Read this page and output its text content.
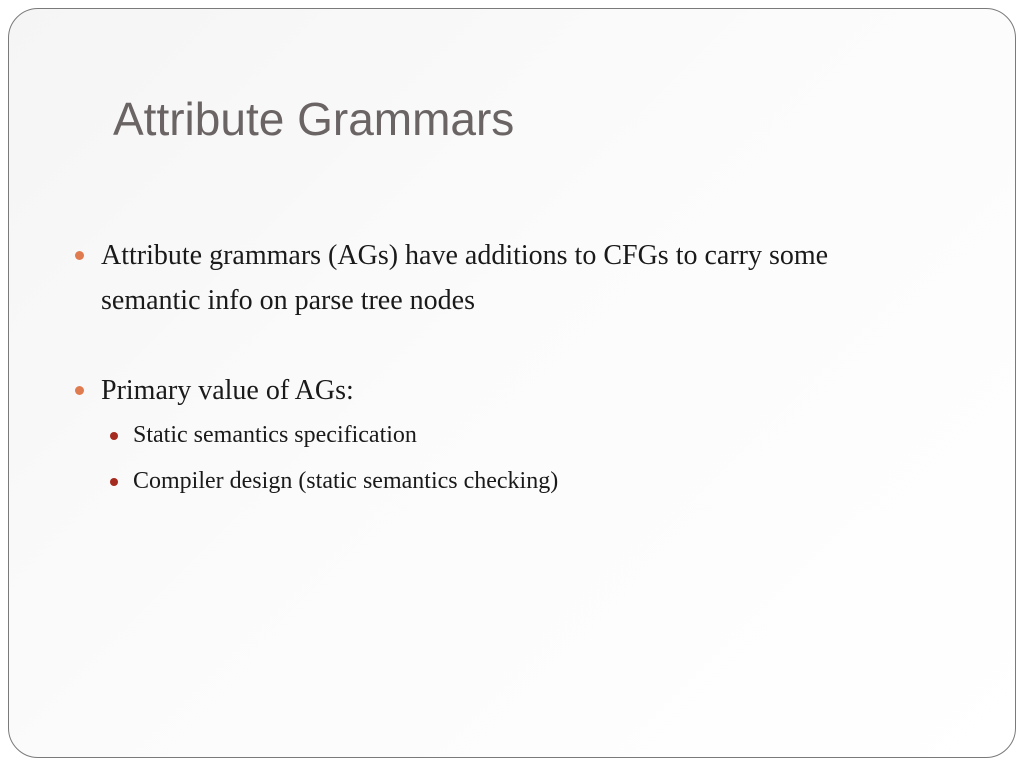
Attribute Grammars
Attribute grammars (AGs) have additions to CFGs to carry some semantic info on parse tree nodes
Primary value of AGs:
Static semantics specification
Compiler design (static semantics checking)
